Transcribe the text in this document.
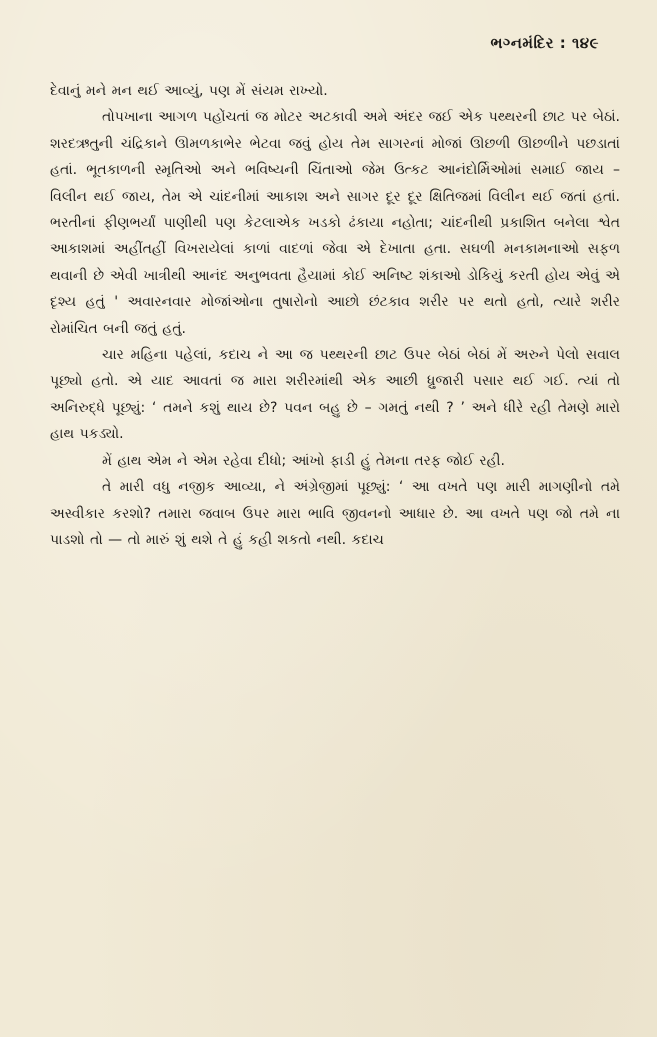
ભગ્નમંદિર : ૧૪૯

દેવાનું મને મન થઈ આવ્યું, પણ મેં સંયમ રાખ્યો.

તોપખાના આગળ પહોંચતાં જ મોટર અટકાવી અમે અંદર જઈ એક પથ્થરની છાટ પર બેઠાં. શરદઋતુની ચંદ્રિકાને ઊમળકાભેર ભેટવા જવું હોય તેમ સાગરનાં મોજાં ઊછળી ઊછળીને પછડાતાં હતાં. ભૂતકાળની સ્મૃતિઓ અને ભવિષ્યની ચિંતાઓ જેમ ઉત્કટ આનંદોર્મિઓમાં સમાઈ જાય – વિલીન થઈ જાય, તેમ એ ચાંદનીમાં આકાશ અને સાગર દૂર દૂર ક્ષિતિજમાં વિલીન થઈ જતાં હતાં. ભરતીનાં ફીણભર્યાં પાણીથી પણ કેટલાએક ખડકો ઢંકાયા નહોતા; ચાંદનીથી પ્રકાશિત બનેલા શ્વેત આકાશમાં અહીંતહીં વિખરાયેલાં કાળાં વાદળાં જેવા એ દેખાતા હતા. સઘળી મનકામનાઓ સફળ થવાની છે એવી ખાત્રીથી આનંદ અનુભવતા હૈયામાં કોઈ અનિષ્ટ શંકાઓ ડોકિયું કરતી હોય એવું એ દૃશ્ય હતું ' અવારનવાર મોજાંઓના તુષારોનો આછો છંટકાવ શરીર પર થતો હતો, ત્યારે શરીર રોમાંચિત બની જતું હતું.

ચાર મહિના પહેલાં, કદાચ ને આ જ પથ્થરની છાટ ઉપર બેઠાં બેઠાં મેં અરુને પેલો સવાલ પૂછ્યો હતો. એ યાદ આવતાં જ મારા શરીરમાંથી એક આછી ધ્રુજારી પસાર થઈ ગઈ. ત્યાં તો અનિરુદ્ધે પૂછ્યું: ‘ તમને કશું થાય છે? પવન બહુ છે – ગમતું નથી ? ’ અને ધીરે રહી તેમણે મારો હાથ પકડ્યો.

મેં હાથ એમ ને એમ રહેવા દીધો; આંખો ફાડી હું તેમના તરફ જોઈ રહી.

તે મારી વધુ નજીક આવ્યા, ને અંગ્રેજીમાં પૂછ્યું: ‘ આ વખતે પણ મારી માગણીનો તમે અસ્વીકાર કરશો? તમારા જવાબ ઉપર મારા ભાવિ જીવનનો આધાર છે. આ વખતે પણ જો તમે ના પાડશો તો — તો મારું શું થશે તે હું કહી શકતો નથી. કદાચ
